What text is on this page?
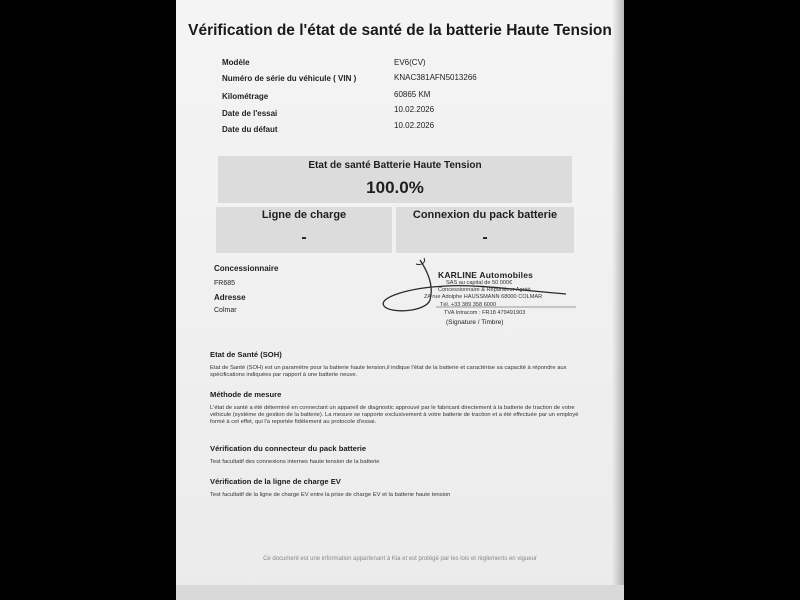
Vérification de l'état de santé de la batterie Haute Tension
Modèle	EV6(CV)
Numéro de série du véhicule ( VIN )	KNAC381AFN5013266
Kilométrage	60865 KM
Date de l'essai	10.02.2026
Date du défaut	10.02.2026
Etat de santé Batterie Haute Tension
100.0%
Ligne de charge
-
Connexion du pack batterie
-
Concessionnaire
FR685
Adresse
Colmar
KARLINE Automobiles
SAS au capital de 50 000€
Concessionnaire & Réparateur Agréé
ZA rue Adolphe HAUSSMANN 68000 COLMAR
Tél. +33 389 358 6000
TVA Intracom : FR18 479491903
(Signature / Timbre)
Etat de Santé (SOH)
Etat de Santé (SOH) est un paramètre pour la batterie haute tension,il indique l'état de la batterie et caractérise sa capacité à répondre aux spécifications indiquées par rapport à une batterie neuve.
Méthode de mesure
L'état de santé a été déterminé en connectant un appareil de diagnostic approuvé par le fabricant directement à la batterie de traction de votre véhicule (système de gestion de la batterie). La mesure se rapporte exclusivement à votre batterie de traction et a été effectuée par un employé formé à cet effet, qui l'a reportée fidèlement au protocole d'essai.
Vérification du connecteur du pack batterie
Test facultatif des connexions internes haute tension de la batterie
Vérification de la ligne de charge EV
Test facultatif de la ligne de charge EV entre la prise de charge EV et la batterie haute tension
Ce document est une information appartenant à Kia et est protégé par les lois et règlements en vigueur
